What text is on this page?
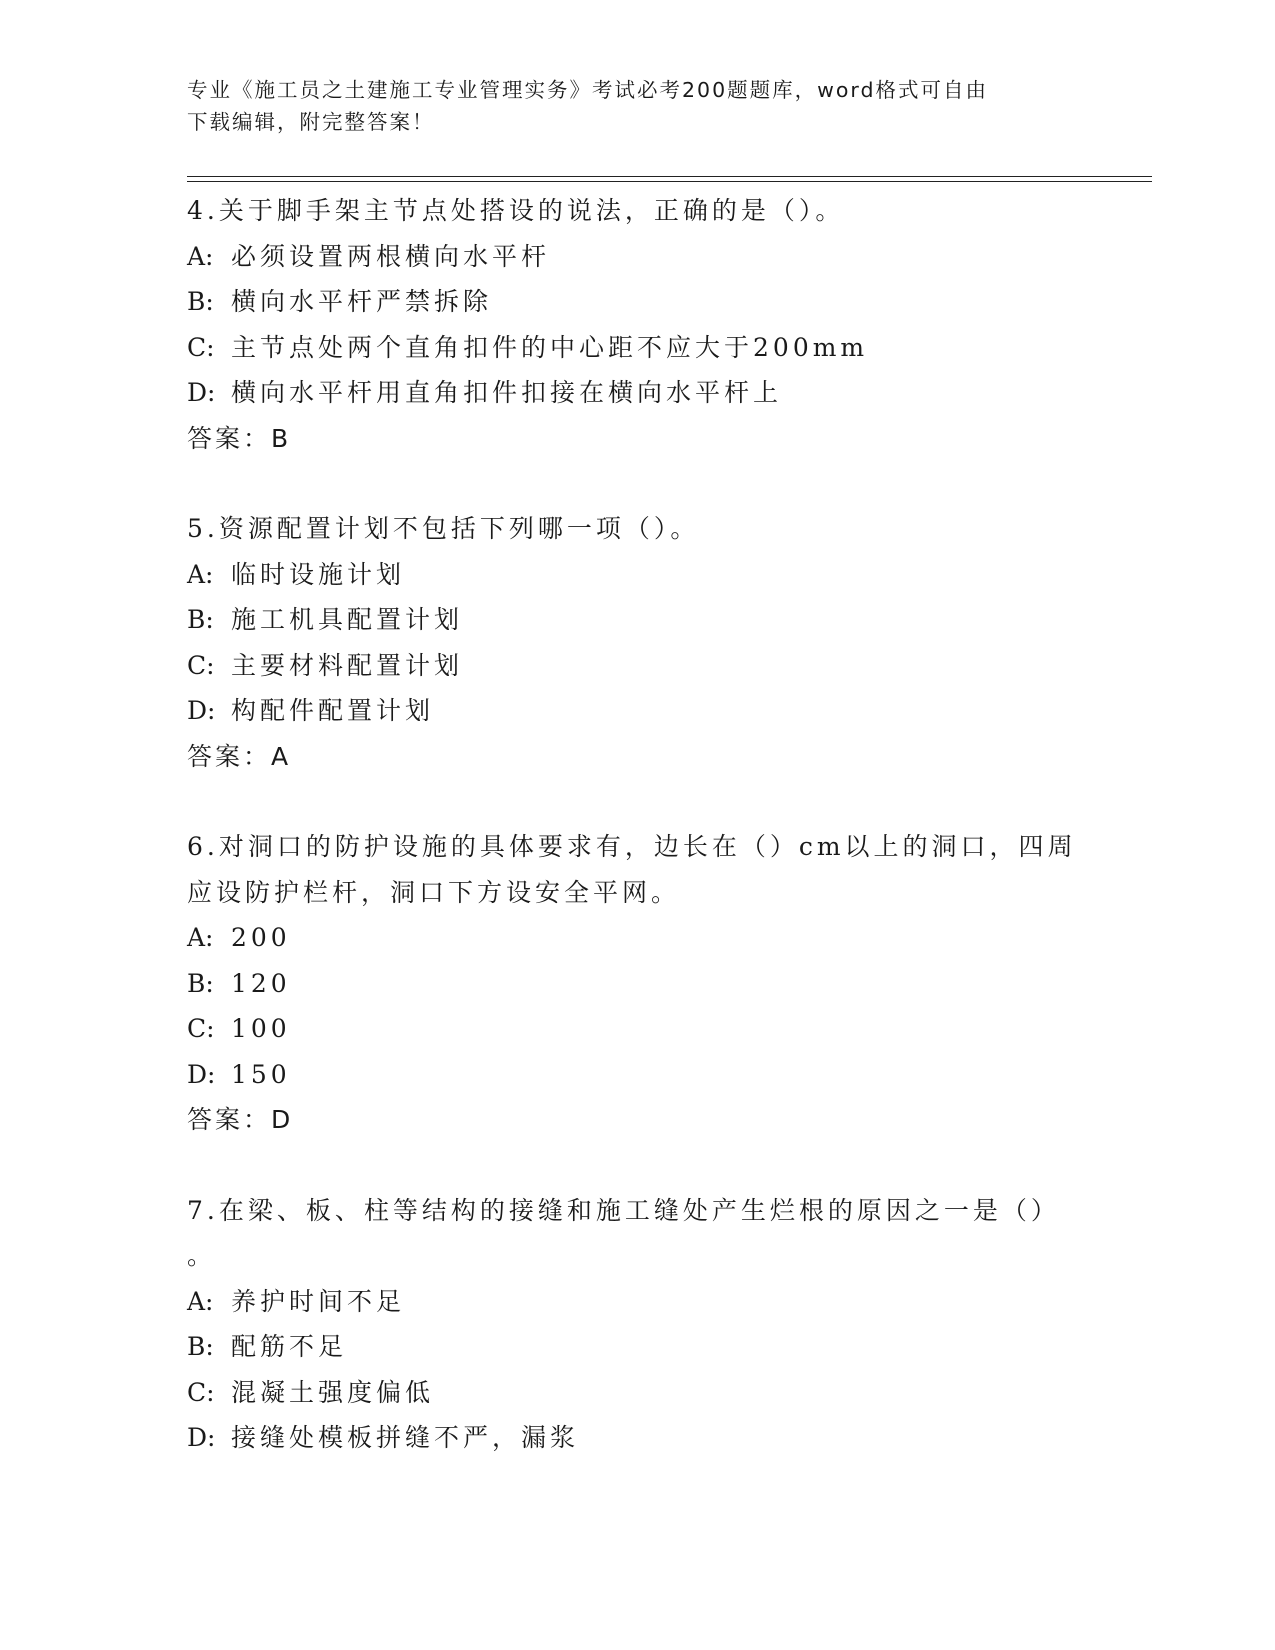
专业《施工员之土建施工专业管理实务》考试必考200题题库，word格式可自由
下载编辑，附完整答案！
4.关于脚手架主节点处搭设的说法，正确的是（）。
A: 必须设置两根横向水平杆
B: 横向水平杆严禁拆除
C: 主节点处两个直角扣件的中心距不应大于200mm
D: 横向水平杆用直角扣件扣接在横向水平杆上
答案：B
5.资源配置计划不包括下列哪一项（）。
A: 临时设施计划
B: 施工机具配置计划
C: 主要材料配置计划
D: 构配件配置计划
答案：A
6.对洞口的防护设施的具体要求有，边长在（）cm以上的洞口，四周
应设防护栏杆，洞口下方设安全平网。
A: 200
B: 120
C: 100
D: 150
答案：D
7.在梁、板、柱等结构的接缝和施工缝处产生烂根的原因之一是（）
。
A: 养护时间不足
B: 配筋不足
C: 混凝土强度偏低
D: 接缝处模板拼缝不严，漏浆
